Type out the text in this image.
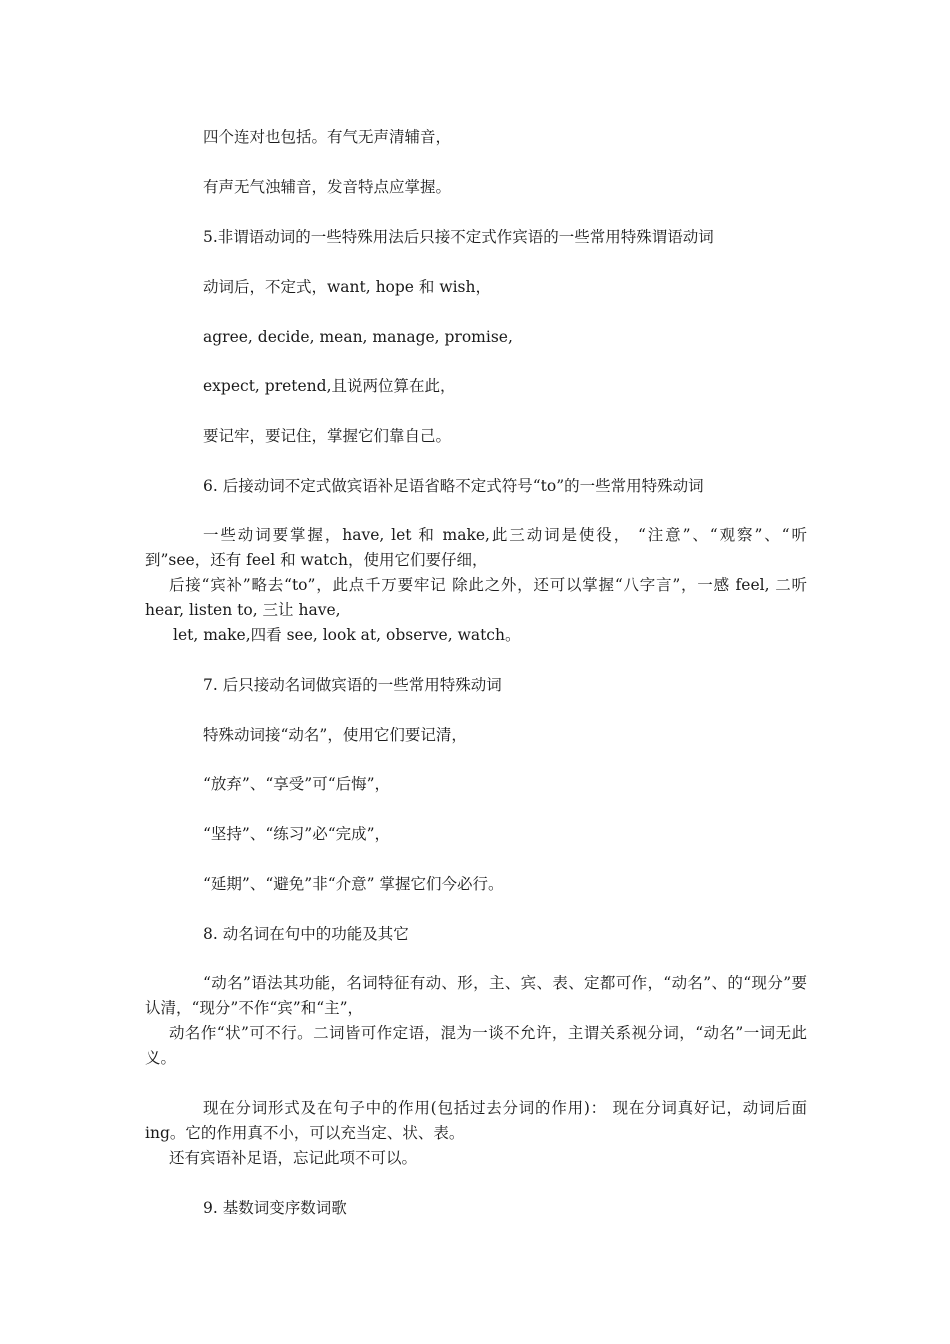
四个连对也包括。有气无声清辅音，

有声无气浊辅音，发音特点应掌握。

5.非谓语动词的一些特殊用法后只接不定式作宾语的一些常用特殊谓语动词

动词后，不定式，want, hope 和 wish，

agree, decide, mean, manage, promise,

expect, pretend,且说两位算在此，

要记牢，要记住，掌握它们靠自己。

6. 后接动词不定式做宾语补足语省略不定式符号“to”的一些常用特殊动词

一些动词要掌握，have, let 和 make,此三动词是使役， “注意”、“观察”、“听到”see，还有 feel 和 watch，使用它们要仔细，
后接“宾补”略去“to”，此点千万要牢记 除此之外，还可以掌握“八字言”，一感 feel, 二听 hear, listen to, 三让 have,
let, make,四看 see, look at, observe, watch。

7. 后只接动名词做宾语的一些常用特殊动词

特殊动词接“动名”，使用它们要记清，

“放弃”、“享受”可“后悔”，

“坚持”、“练习”必“完成”，

“延期”、“避免”非“介意” 掌握它们今必行。

8. 动名词在句中的功能及其它

“动名”语法其功能，名词特征有动、形，主、宾、表、定都可作，“动名”、的“现分”要认清，“现分”不作“宾”和“主”，
动名作“状”可不行。二词皆可作定语，混为一谈不允许，主谓关系视分词，“动名”一词无此义。
现在分词形式及在句子中的作用(包括过去分词的作用)： 现在分词真好记，动词后面 ing。它的作用真不小，可以充当定、状、表。
还有宾语补足语，忘记此项不可以。

9. 基数词变序数词歌
